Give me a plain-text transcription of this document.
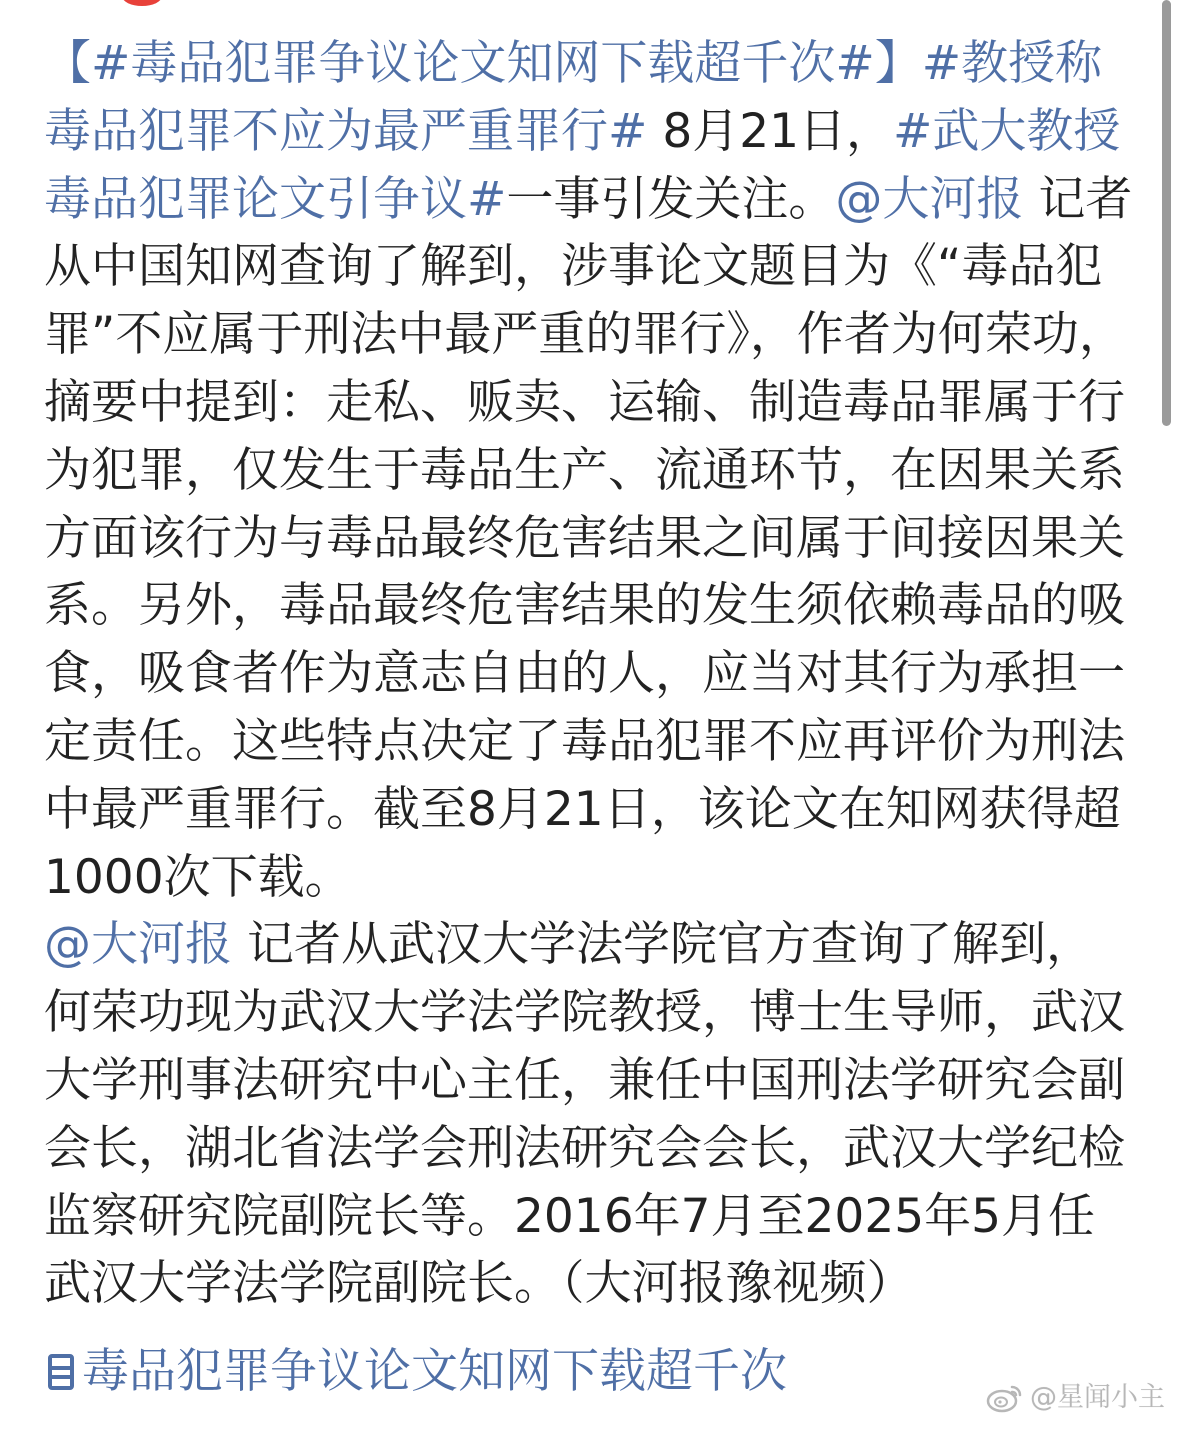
【#毒品犯罪争议论文知网下载超千次#】#教授称毒品犯罪不应为最严重罪行# 8月21日，#武大教授毒品犯罪论文引争议#一事引发关注。@大河报 记者从中国知网查询了解到，涉事论文题目为《“毒品犯罪”不应属于刑法中最严重的罪行》，作者为何荣功，摘要中提到：走私、贩卖、运输、制造毒品罪属于行为犯罪，仅发生于毒品生产、流通环节，在因果关系方面该行为与毒品最终危害结果之间属于间接因果关系。另外，毒品最终危害结果的发生须依赖毒品的吸食，吸食者作为意志自由的人，应当对其行为承担一定责任。这些特点决定了毒品犯罪不应再评价为刑法中最严重罪行。截至8月21日，该论文在知网获得超1000次下载。

@大河报 记者从武汉大学法学院官方查询了解到，何荣功现为武汉大学法学院教授，博士生导师，武汉大学刑事法研究中心主任，兼任中国刑法学研究会副会长，湖北省法学会刑法研究会会长，武汉大学纪检监察研究院副院长等。2016年7月至2025年5月任武汉大学法学院副院长。（大河报豫视频）

毒品犯罪争议论文知网下载超千次	@星闻小主
